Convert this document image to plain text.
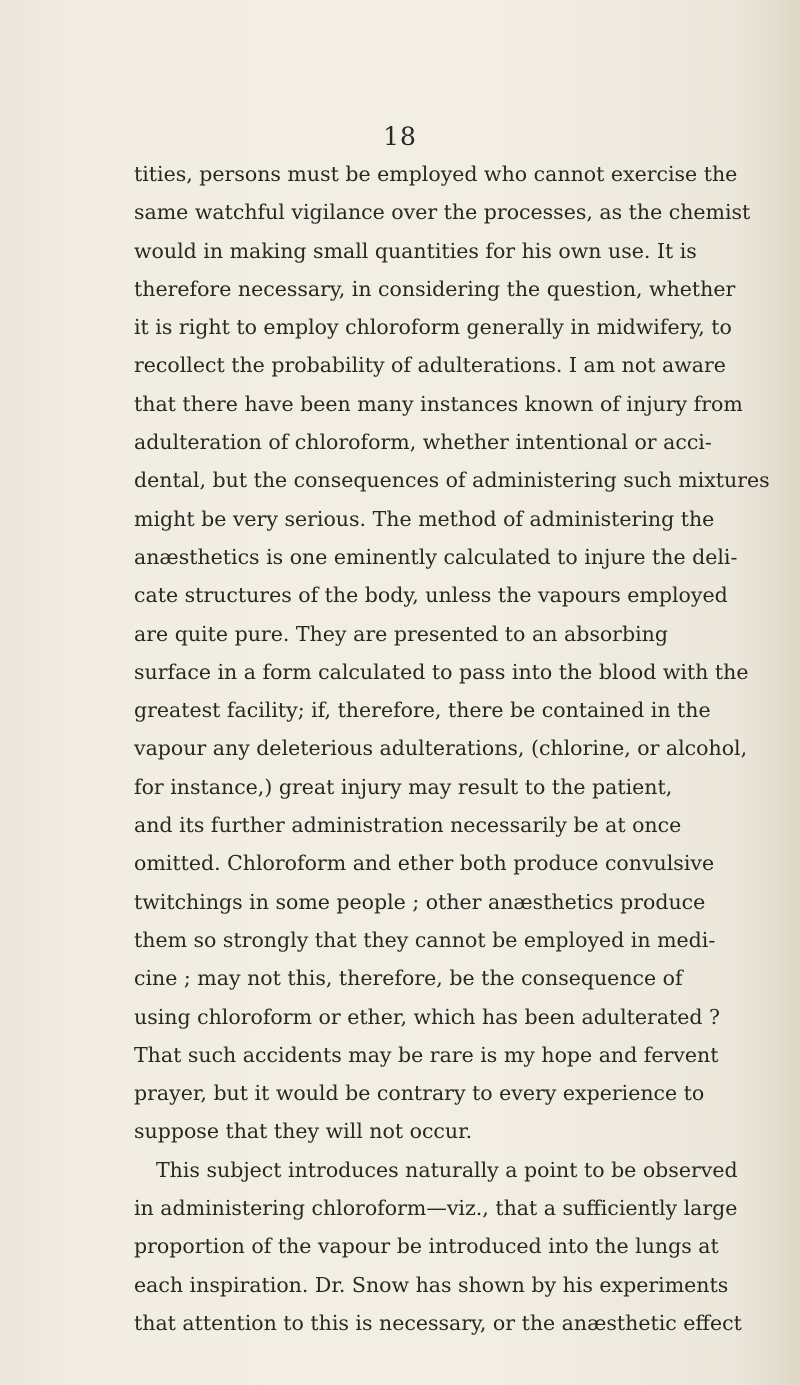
18
tities, persons must be employed who cannot exercise the
same watchful vigilance over the processes, as the chemist
would in making small quantities for his own use. It is
therefore necessary, in considering the question, whether
it is right to employ chloroform generally in midwifery, to
recollect the probability of adulterations. I am not aware
that there have been many instances known of injury from
adulteration of chloroform, whether intentional or acci-
dental, but the consequences of administering such mixtures
might be very serious. The method of administering the
anæsthetics is one eminently calculated to injure the deli-
cate structures of the body, unless the vapours employed
are quite pure. They are presented to an absorbing
surface in a form calculated to pass into the blood with the
greatest facility; if, therefore, there be contained in the
vapour any deleterious adulterations, (chlorine, or alcohol,
for instance,) great injury may result to the patient,
and its further administration necessarily be at once
omitted. Chloroform and ether both produce convulsive
twitchings in some people ; other anæsthetics produce
them so strongly that they cannot be employed in medi-
cine ; may not this, therefore, be the consequence of
using chloroform or ether, which has been adulterated ?
That such accidents may be rare is my hope and fervent
prayer, but it would be contrary to every experience to
suppose that they will not occur.
This subject introduces naturally a point to be observed
in administering chloroform—viz., that a sufficiently large
proportion of the vapour be introduced into the lungs at
each inspiration. Dr. Snow has shown by his experiments
that attention to this is necessary, or the anæsthetic effect
